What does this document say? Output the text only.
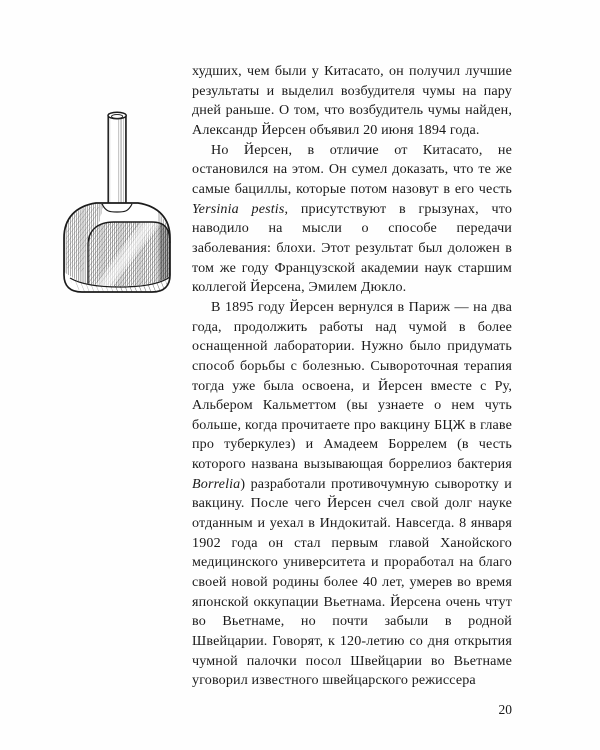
худших, чем были у Китасато, он получил лучшие результаты и выделил возбудителя чумы на пару дней раньше. О том, что возбудитель чумы найден, Александр Йерсен объявил 20 июня 1894 года.

Но Йерсен, в отличие от Китасато, не остановился на этом. Он сумел доказать, что те же самые бациллы, которые потом назовут в его честь Yersinia pestis, присутствуют в грызунах, что наводило на мысли о способе передачи заболевания: блохи. Этот результат был доложен в том же году Французской академии наук старшим коллегой Йерсена, Эмилем Дюкло.

В 1895 году Йерсен вернулся в Париж — на два года, продолжить работы над чумой в более оснащенной лаборатории. Нужно было придумать способ борьбы с болезнью. Сывороточная терапия тогда уже была освоена, и Йерсен вместе с Ру, Альбером Кальметтом (вы узнаете о нем чуть больше, когда прочитаете про вакцину БЦЖ в главе про туберкулез) и Амадеем Боррелем (в честь которого названа вызывающая боррелиоз бактерия Borrelia) разработали противочумную сыворотку и вакцину. После чего Йерсен счел свой долг науке отданным и уехал в Индокитай. Навсегда. 8 января 1902 года он стал первым главой Ханойского медицинского университета и проработал на благо своей новой родины более 40 лет, умерев во время японской оккупации Вьетнама. Йерсена очень чтут во Вьетнаме, но почти забыли в родной Швейцарии. Говорят, к 120-летию со дня открытия чумной палочки посол Швейцарии во Вьетнаме уговорил известного швейцарского режиссера

20
